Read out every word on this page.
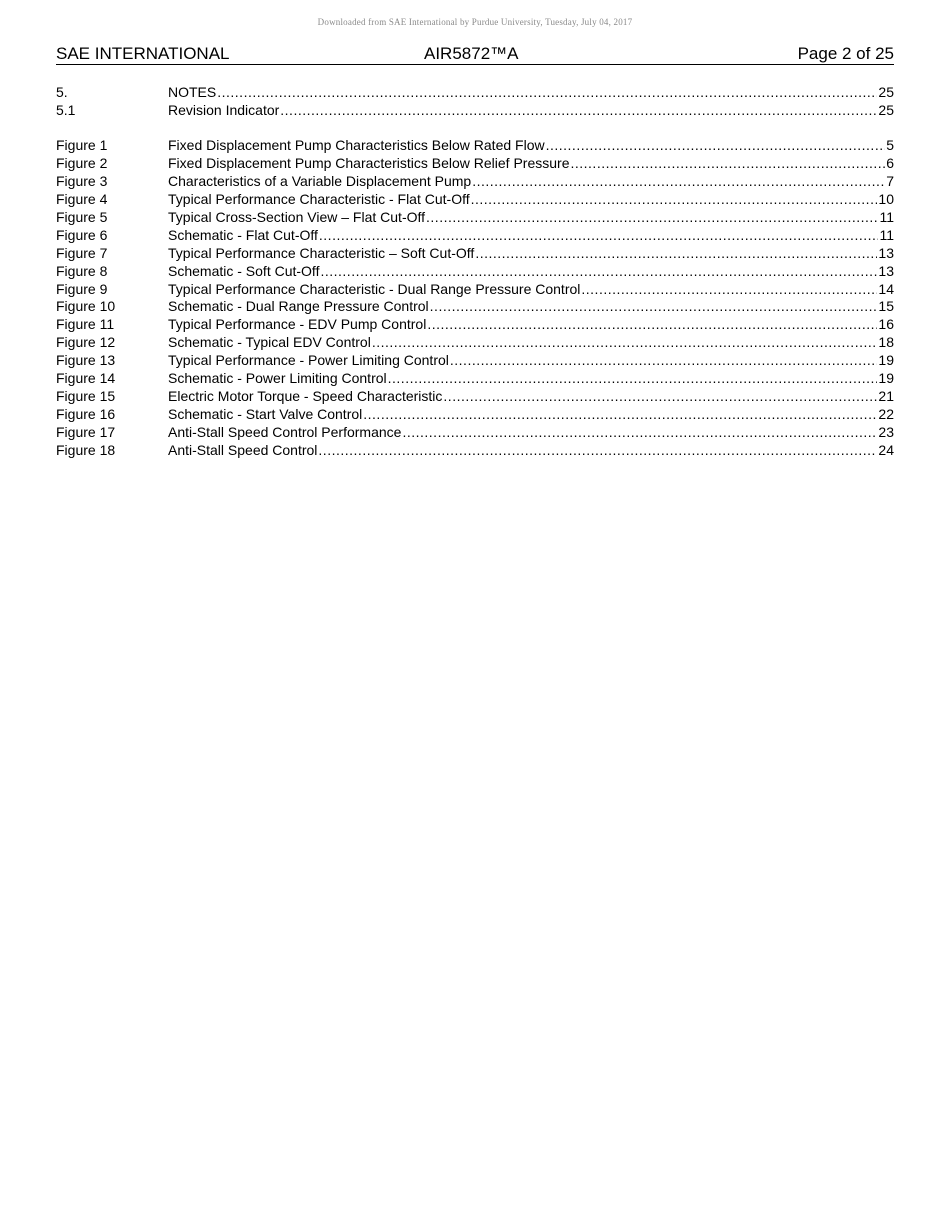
Downloaded from SAE International by Purdue University, Tuesday, July 04, 2017
SAE INTERNATIONAL	AIR5872™A	Page 2 of 25
5.	NOTES .....	25
5.1	Revision Indicator .....	25
Figure 1	Fixed Displacement Pump Characteristics Below Rated Flow .....	5
Figure 2	Fixed Displacement Pump Characteristics Below Relief Pressure .....	6
Figure 3	Characteristics of a Variable Displacement Pump .....	7
Figure 4	Typical Performance Characteristic - Flat Cut-Off .....	10
Figure 5	Typical Cross-Section View – Flat Cut-Off .....	11
Figure 6	Schematic - Flat Cut-Off .....	11
Figure 7	Typical Performance Characteristic – Soft Cut-Off .....	13
Figure 8	Schematic - Soft Cut-Off .....	13
Figure 9	Typical Performance Characteristic - Dual Range Pressure Control .....	14
Figure 10	Schematic - Dual Range Pressure Control .....	15
Figure 11	Typical Performance - EDV Pump Control .....	16
Figure 12	Schematic - Typical EDV Control .....	18
Figure 13	Typical Performance - Power Limiting Control .....	19
Figure 14	Schematic - Power Limiting Control .....	19
Figure 15	Electric Motor Torque - Speed Characteristic .....	21
Figure 16	Schematic - Start Valve Control .....	22
Figure 17	Anti-Stall Speed Control Performance .....	23
Figure 18	Anti-Stall Speed Control .....	24
